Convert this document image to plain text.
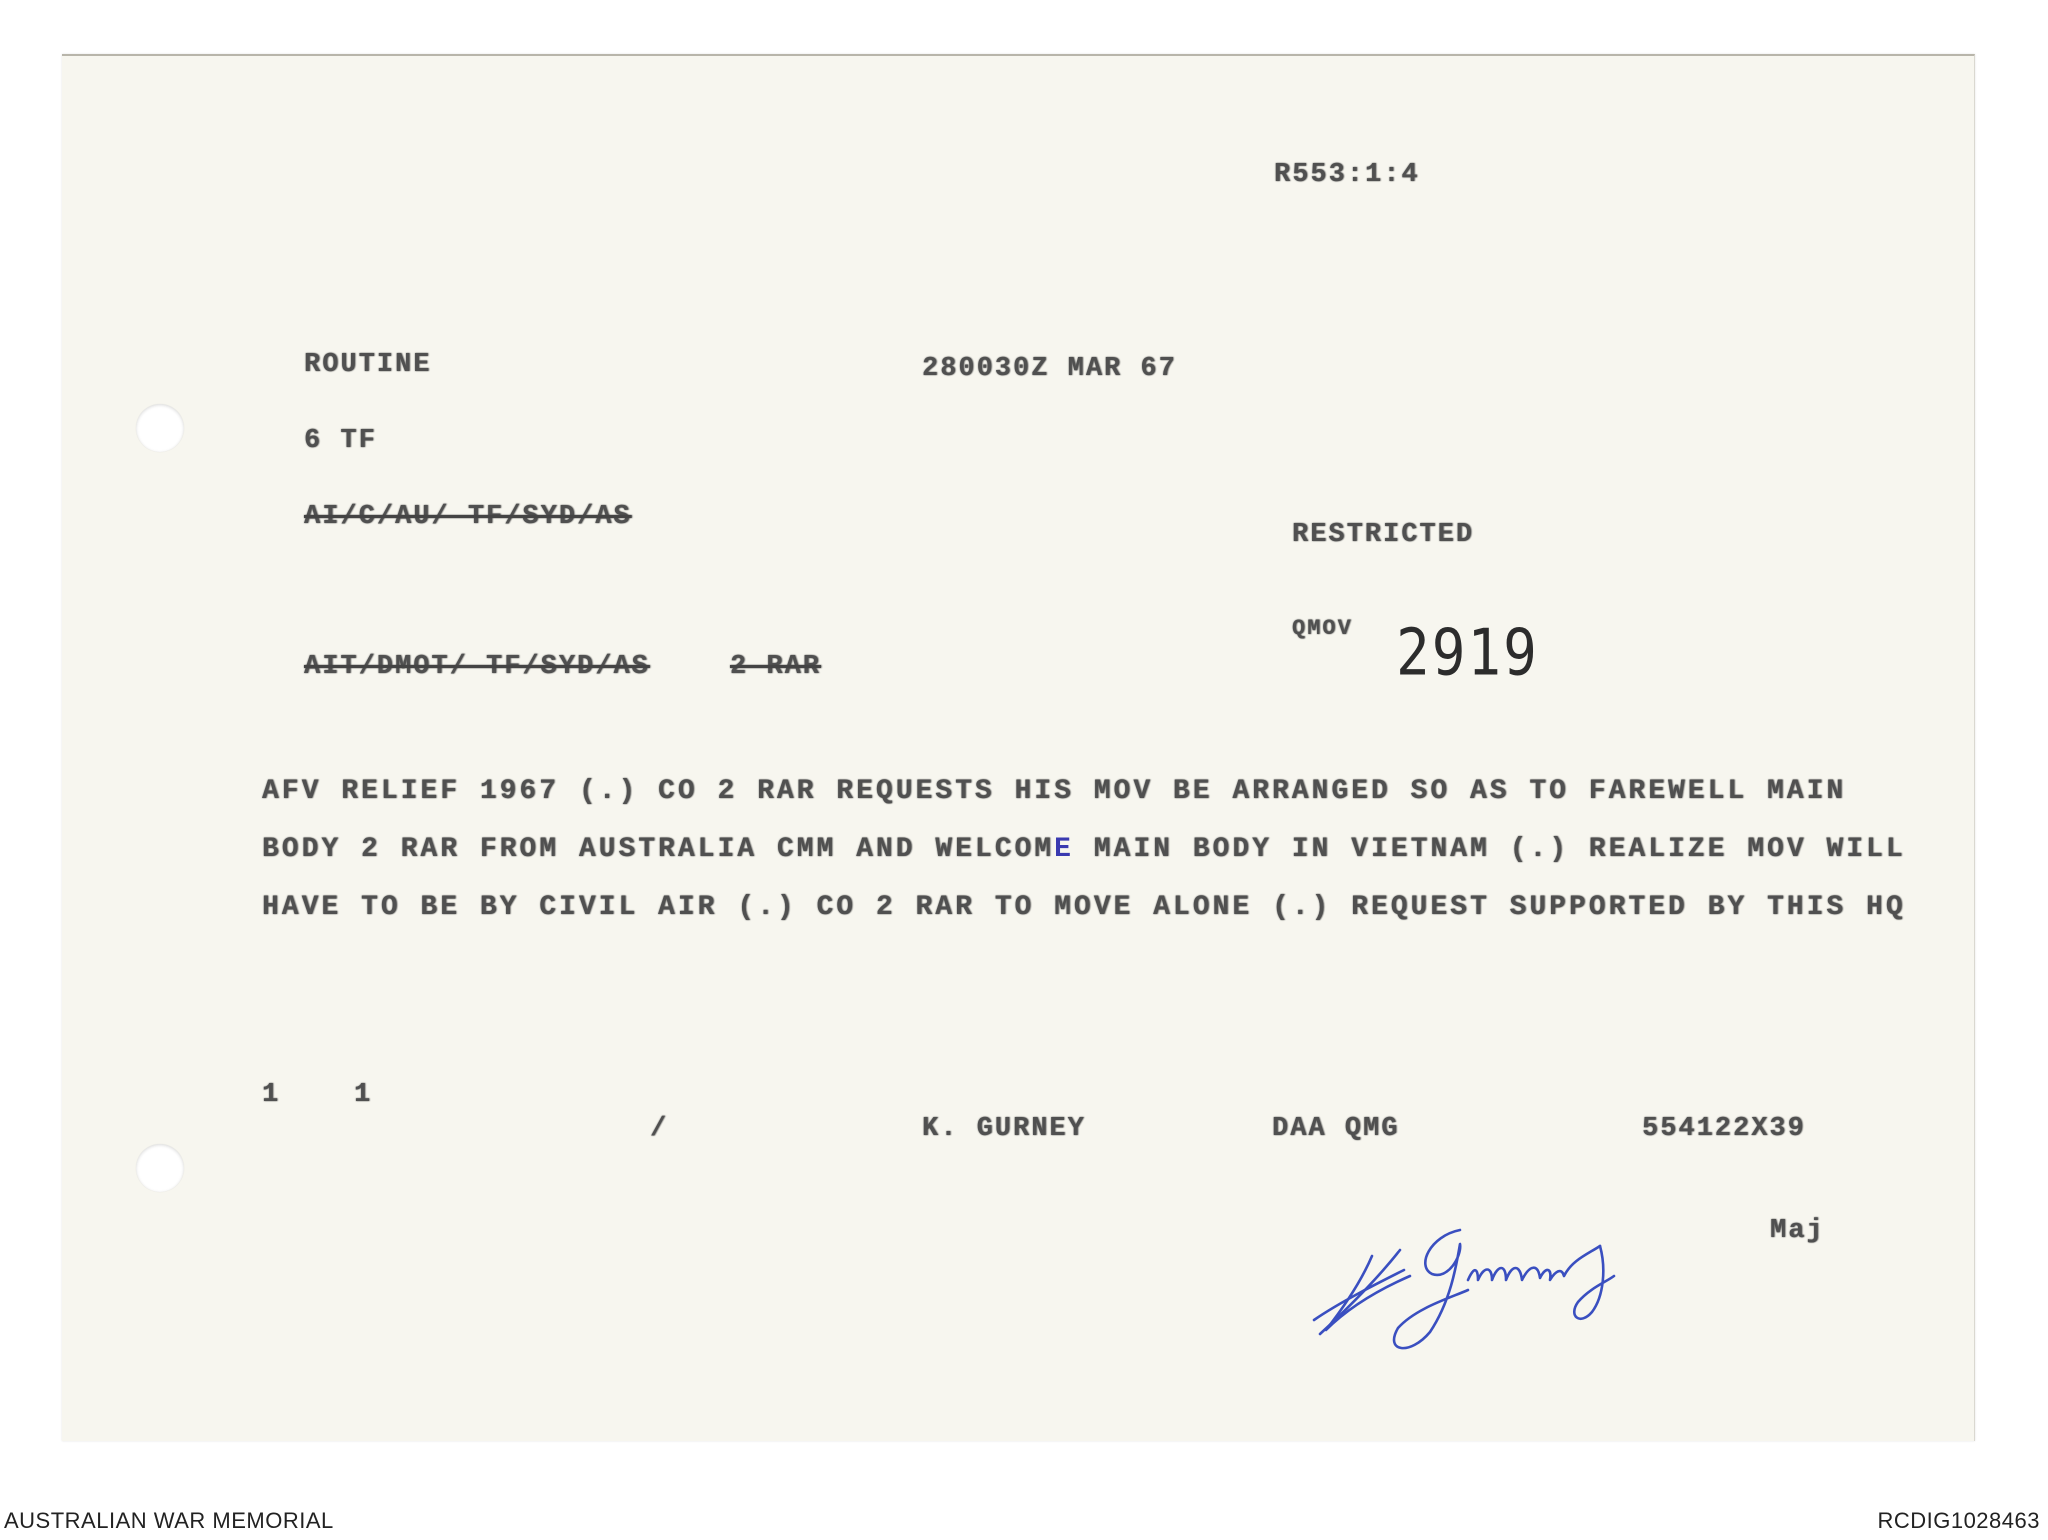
R553:1:4
ROUTINE	280030Z MAR 67
6 TF
AI/C/AU/ TF/SYD/AS
RESTRICTED
QMOV 2919
AIT/DMOT/ TF/SYD/AS	2 RAR
AFV RELIEF 1967 (.) CO 2 RAR REQUESTS HIS MOV BE ARRANGED SO AS TO FAREWELL MAIN
BODY 2 RAR FROM AUSTRALIA CMM AND WELCOME MAIN BODY IN VIETNAM (.) REALIZE MOV WILL
HAVE TO BE BY CIVIL AIR (.) CO 2 RAR TO MOVE ALONE (.) REQUEST SUPPORTED BY THIS HQ
1	1
/	K. GURNEY	DAA QMG	554122X39
Maj
AUSTRALIAN WAR MEMORIAL	RCDIG1028463
